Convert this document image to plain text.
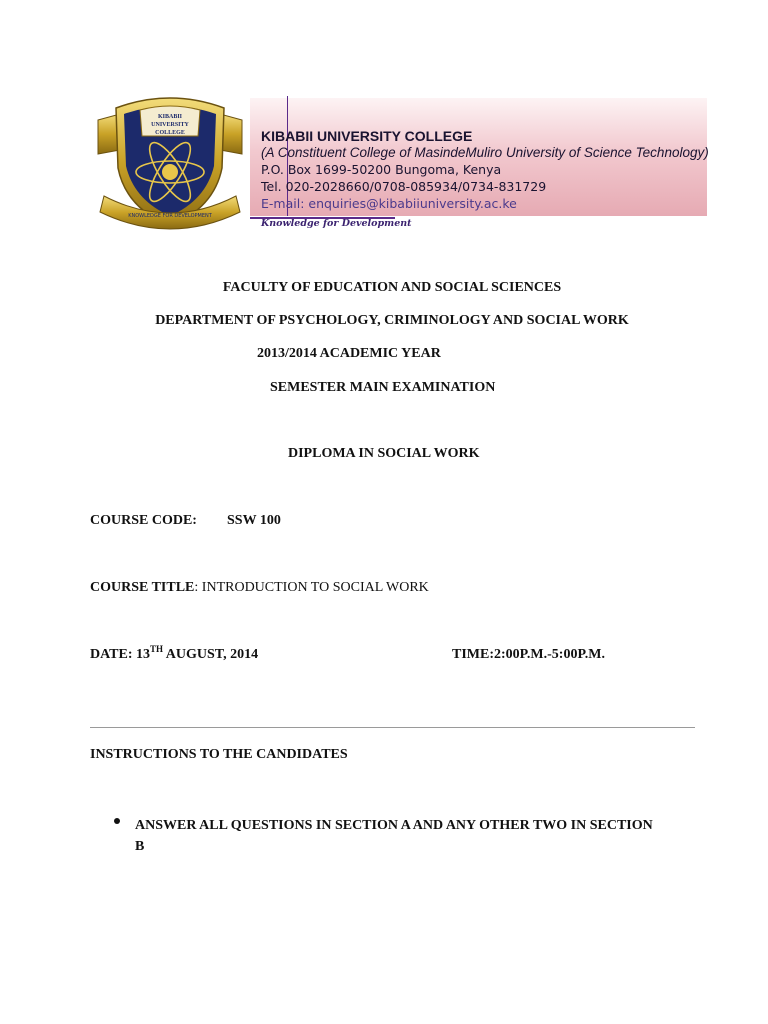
KIBABII
UNIVERSITY
COLLEGE
KNOWLEDGE FOR DEVELOPMENT
KIBABII UNIVERSITY COLLEGE
(A Constituent College of MasindeMuliro University of Science Technology)
P.O. Box 1699-50200 Bungoma, Kenya
Tel. 020-2028660/0708-085934/0734-831729
E-mail: enquiries@kibabiiuniversity.ac.ke
Knowledge for Development
FACULTY OF EDUCATION AND SOCIAL SCIENCES
DEPARTMENT OF PSYCHOLOGY, CRIMINOLOGY AND SOCIAL WORK
2013/2014 ACADEMIC YEAR
SEMESTER MAIN EXAMINATION
DIPLOMA IN SOCIAL WORK
COURSE CODE: SSW 100
COURSE TITLE: INTRODUCTION TO SOCIAL WORK
DATE: 13TH AUGUST, 2014	TIME:2:00P.M.-5:00P.M.
INSTRUCTIONS TO THE CANDIDATES
ANSWER ALL QUESTIONS IN SECTION A AND ANY OTHER TWO IN SECTION B
